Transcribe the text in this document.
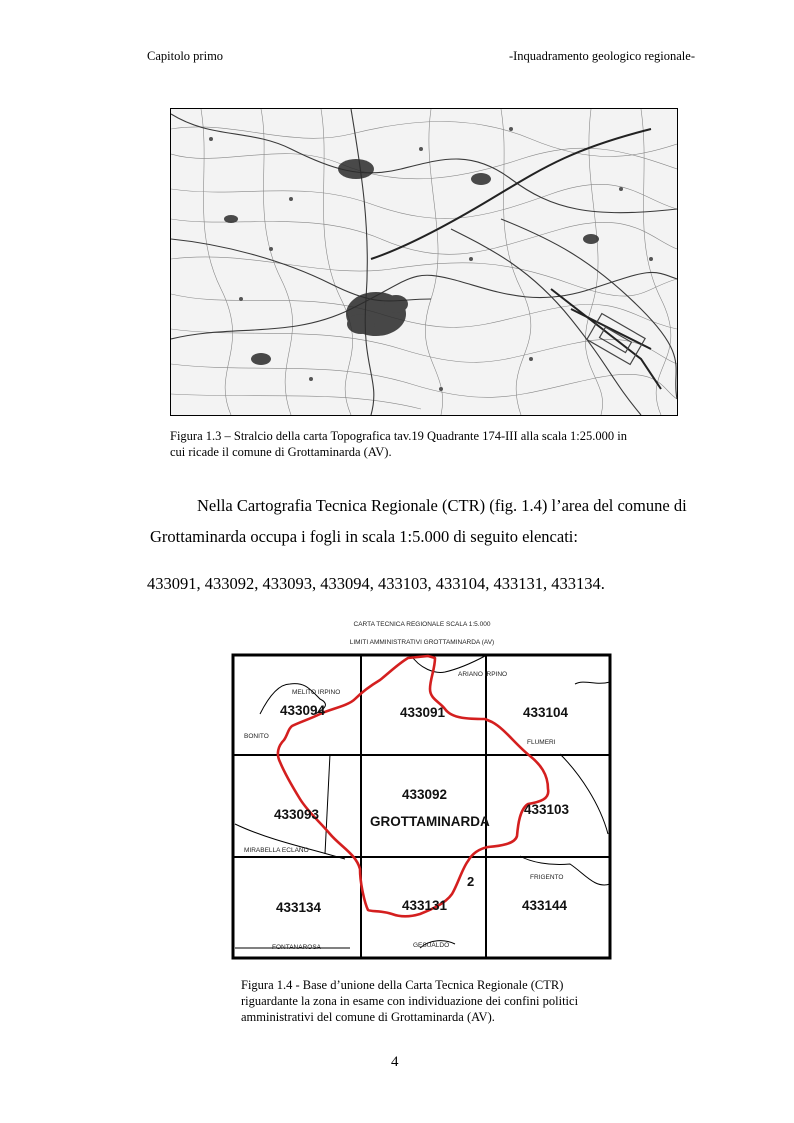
Capitolo primo	-Inquadramento geologico regionale-
Figura 1.3 – Stralcio della carta Topografica tav.19 Quadrante 174-III alla scala 1:25.000 in
cui ricade il comune di Grottaminarda (AV).
Nella Cartografia Tecnica Regionale (CTR) (fig. 1.4) l’area del comune di
Grottaminarda occupa i fogli in scala 1:5.000 di seguito elencati:
433091, 433092, 433093, 433094, 433103, 433104, 433131, 433134.
CARTA TECNICA REGIONALE SCALA 1:5.000
LIMITI AMMINISTRATIVI GROTTAMINARDA (AV)
433094	433091	433104
433093
433092
433103
433134	433131	433144
GROTTAMINARDA
2
MELITO IRPINO
ARIANO IRPINO
BONITO
FLUMERI
MIRABELLA ECLANO
FRIGENTO
FONTANAROSA	GESUALDO
Figura 1.4 - Base d’unione della Carta Tecnica Regionale (CTR)
riguardante la zona in esame con individuazione dei confini politici
amministrativi del comune di Grottaminarda (AV).
4
